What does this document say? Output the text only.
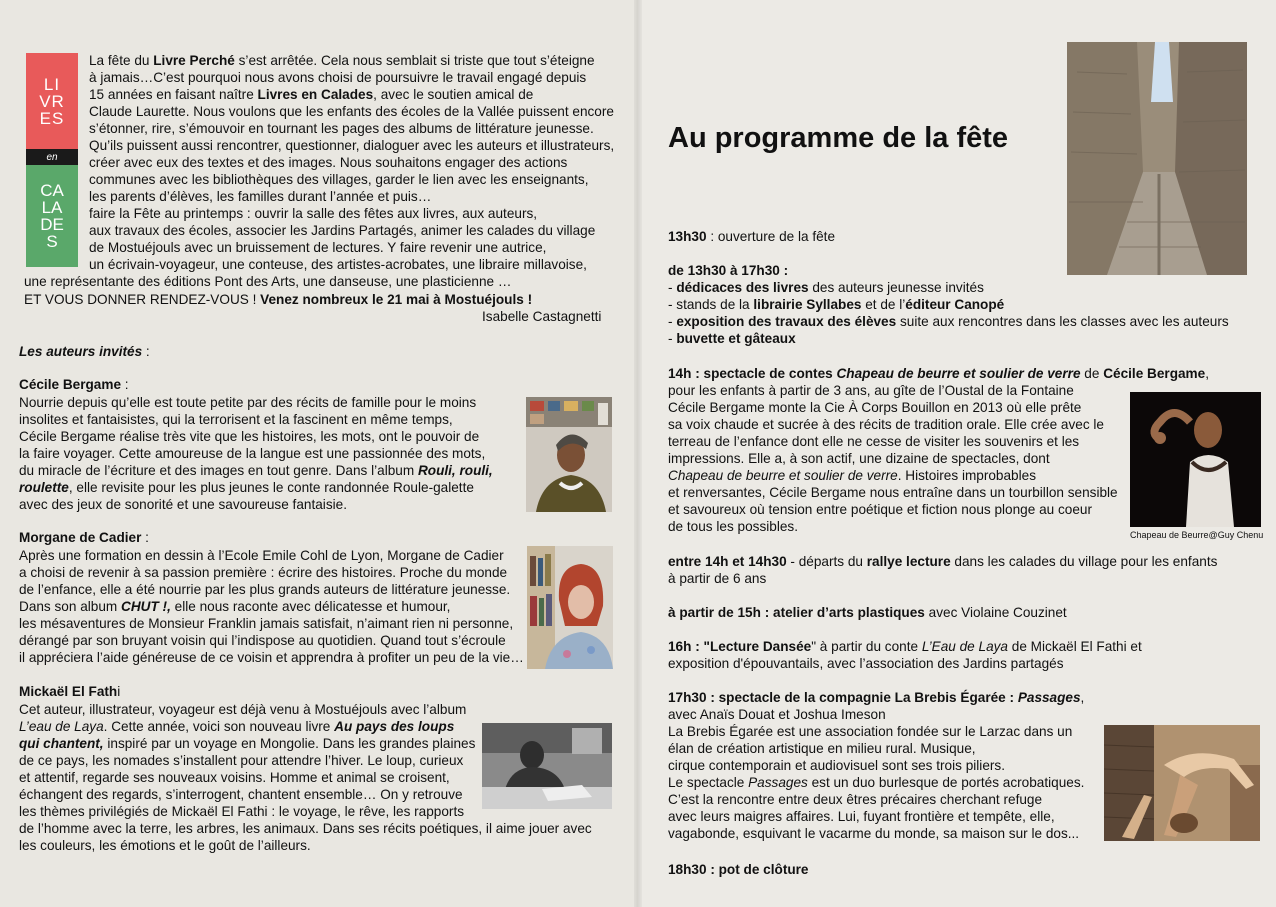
LI
VR
ES
en
CA
LA
DE
S
La fête du Livre Perché s’est arrêtée. Cela nous semblait si triste que tout s’éteigne
à jamais…C’est pourquoi nous avons choisi de poursuivre le travail engagé depuis
15 années en faisant naître Livres en Calades, avec le soutien amical de
Claude Laurette. Nous voulons que les enfants des écoles de la Vallée puissent encore
s’étonner, rire, s’émouvoir en tournant les pages des albums de littérature jeunesse.
Qu’ils puissent aussi rencontrer, questionner, dialoguer avec les auteurs et illustrateurs,
créer avec eux des textes et des images. Nous souhaitons engager des actions
communes avec les bibliothèques des villages, garder le lien avec les enseignants,
les parents d’élèves, les familles durant l’année et puis…
faire la Fête au printemps : ouvrir la salle des fêtes aux livres, aux auteurs,
aux travaux des écoles, associer les Jardins Partagés, animer les calades du village
de Mostuéjouls avec un bruissement de lectures. Y faire revenir une autrice,
un écrivain-voyageur, une conteuse, des artistes-acrobates, une libraire millavoise,
une représentante des éditions Pont des Arts, une danseuse, une plasticienne …
ET VOUS DONNER RENDEZ-VOUS ! Venez nombreux le 21 mai à Mostuéjouls !
Isabelle Castagnetti
Les auteurs invités :
Cécile Bergame :
Nourrie depuis qu’elle est toute petite par des récits de famille pour le moins
insolites et fantaisistes, qui la terrorisent et la fascinent en même temps,
Cécile Bergame réalise très vite que les histoires, les mots, ont le pouvoir de
la faire voyager. Cette amoureuse de la langue est une passionnée des mots,
du miracle de l’écriture et des images en tout genre. Dans l’album Rouli, rouli,
roulette, elle revisite pour les plus jeunes le conte randonnée Roule-galette
avec des jeux de sonorité et une savoureuse fantaisie.
Morgane de Cadier :
Après une formation en dessin à l’Ecole Emile Cohl de Lyon, Morgane de Cadier
a choisi de revenir à sa passion première : écrire des histoires. Proche du monde
de l’enfance, elle a été nourrie par les plus grands auteurs de littérature jeunesse.
Dans son album CHUT !, elle nous raconte avec délicatesse et humour,
les mésaventures de Monsieur Franklin jamais satisfait, n’aimant rien ni personne,
dérangé par son bruyant voisin qui l’indispose au quotidien. Quand tout s’écroule
il appréciera l’aide généreuse de ce voisin et apprendra à profiter un peu de la vie…
Mickaël El Fathi
Cet auteur, illustrateur, voyageur est déjà venu à Mostuéjouls avec l’album
L’eau de Laya. Cette année, voici son nouveau livre Au pays des loups
qui chantent, inspiré par un voyage en Mongolie. Dans les grandes plaines
de ce pays, les nomades s’installent pour attendre l’hiver. Le loup, curieux
et attentif, regarde ses nouveaux voisins. Homme et animal se croisent,
échangent des regards, s’interrogent, chantent ensemble… On y retrouve
les thèmes privilégiés de Mickaël El Fathi : le voyage, le rêve, les rapports
de l’homme avec la terre, les arbres, les animaux. Dans ses récits poétiques, il aime jouer avec
les couleurs, les émotions et le goût de l’ailleurs.
Au programme de la fête
13h30 : ouverture de la fête
de 13h30 à 17h30 :
- dédicaces des livres des auteurs jeunesse invités
- stands de la librairie Syllabes et de l’éditeur Canopé
- exposition des travaux des élèves suite aux rencontres dans les classes avec les auteurs
- buvette et gâteaux
14h : spectacle de contes Chapeau de beurre et soulier de verre de Cécile Bergame,
pour les enfants à partir de 3 ans, au gîte de l’Oustal de la Fontaine
Cécile Bergame monte la Cie À Corps Bouillon en 2013 où elle prête
sa voix chaude et sucrée à des récits de tradition orale. Elle crée avec le
terreau de l’enfance dont elle ne cesse de visiter les souvenirs et les
impressions. Elle a, à son actif, une dizaine de spectacles, dont
Chapeau de beurre et soulier de verre. Histoires improbables
et renversantes, Cécile Bergame nous entraîne dans un tourbillon sensible
et savoureux où tension entre poétique et fiction nous plonge au coeur
de tous les possibles.
entre 14h et 14h30 - départs du rallye lecture dans les calades du village pour les enfants
à partir de 6 ans
à partir de 15h : atelier d’arts plastiques avec Violaine Couzinet
16h : "Lecture Dansée" à partir du conte L’Eau de Laya de Mickaël El Fathi et
exposition d'épouvantails, avec l’association des Jardins partagés
17h30 : spectacle de la compagnie La Brebis Égarée : Passages,
avec Anaïs Douat et Joshua Imeson
La Brebis Égarée est une association fondée sur le Larzac dans un
élan de création artistique en milieu rural. Musique,
cirque contemporain et audiovisuel sont ses trois piliers.
Le spectacle Passages est un duo burlesque de portés acrobatiques.
C’est la rencontre entre deux êtres précaires cherchant refuge
avec leurs maigres affaires. Lui, fuyant frontière et tempête, elle,
vagabonde, esquivant le vacarme du monde, sa maison sur le dos...
18h30 : pot de clôture
Chapeau de Beurre@Guy Chenu
